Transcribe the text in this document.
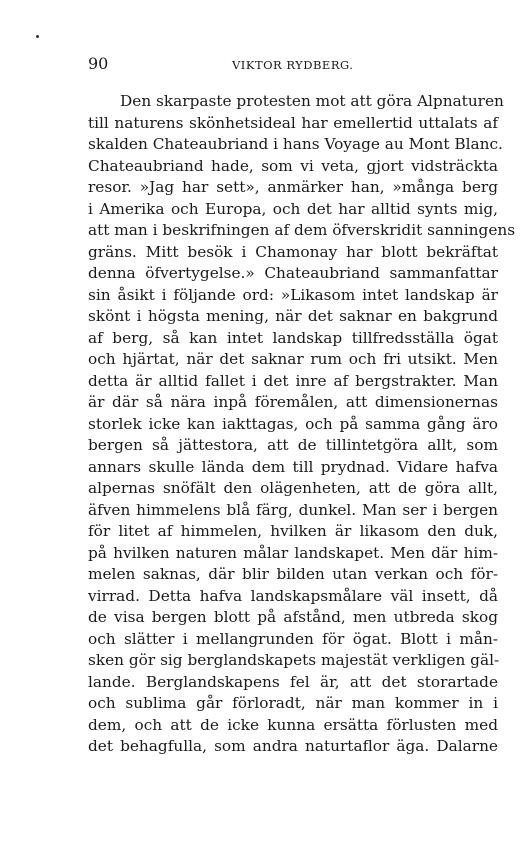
90	VIKTOR RYDBERG.
Den skarpaste protesten mot att göra Alpnaturen
till naturens skönhetsideal har emellertid uttalats af
skalden Chateaubriand i hans Voyage au Mont Blanc.
Chateaubriand hade, som vi veta, gjort vidsträckta
resor. »Jag har sett», anmärker han, »många berg
i Amerika och Europa, och det har alltid synts mig,
att man i beskrifningen af dem öfverskridit sanningens
gräns. Mitt besök i Chamonay har blott bekräftat
denna öfvertygelse.» Chateaubriand sammanfattar
sin åsikt i följande ord: »Likasom intet landskap är
skönt i högsta mening, när det saknar en bakgrund
af berg, så kan intet landskap tillfredsställa ögat
och hjärtat, när det saknar rum och fri utsikt. Men
detta är alltid fallet i det inre af bergstrakter. Man
är där så nära inpå föremålen, att dimensionernas
storlek icke kan iakttagas, och på samma gång äro
bergen så jättestora, att de tillintetgöra allt, som
annars skulle lända dem till prydnad. Vidare hafva
alpernas snöfält den olägenheten, att de göra allt,
äfven himmelens blå färg, dunkel. Man ser i bergen
för litet af himmelen, hvilken är likasom den duk,
på hvilken naturen målar landskapet. Men där him-
melen saknas, där blir bilden utan verkan och för-
virrad. Detta hafva landskapsmålare väl insett, då
de visa bergen blott på afstånd, men utbreda skog
och slätter i mellangrunden för ögat. Blott i mån-
sken gör sig berglandskapets majestät verkligen gäl-
lande. Berglandskapens fel är, att det storartade
och sublima går förloradt, när man kommer in i
dem, och att de icke kunna ersätta förlusten med
det behagfulla, som andra naturtaflor äga. Dalarne
